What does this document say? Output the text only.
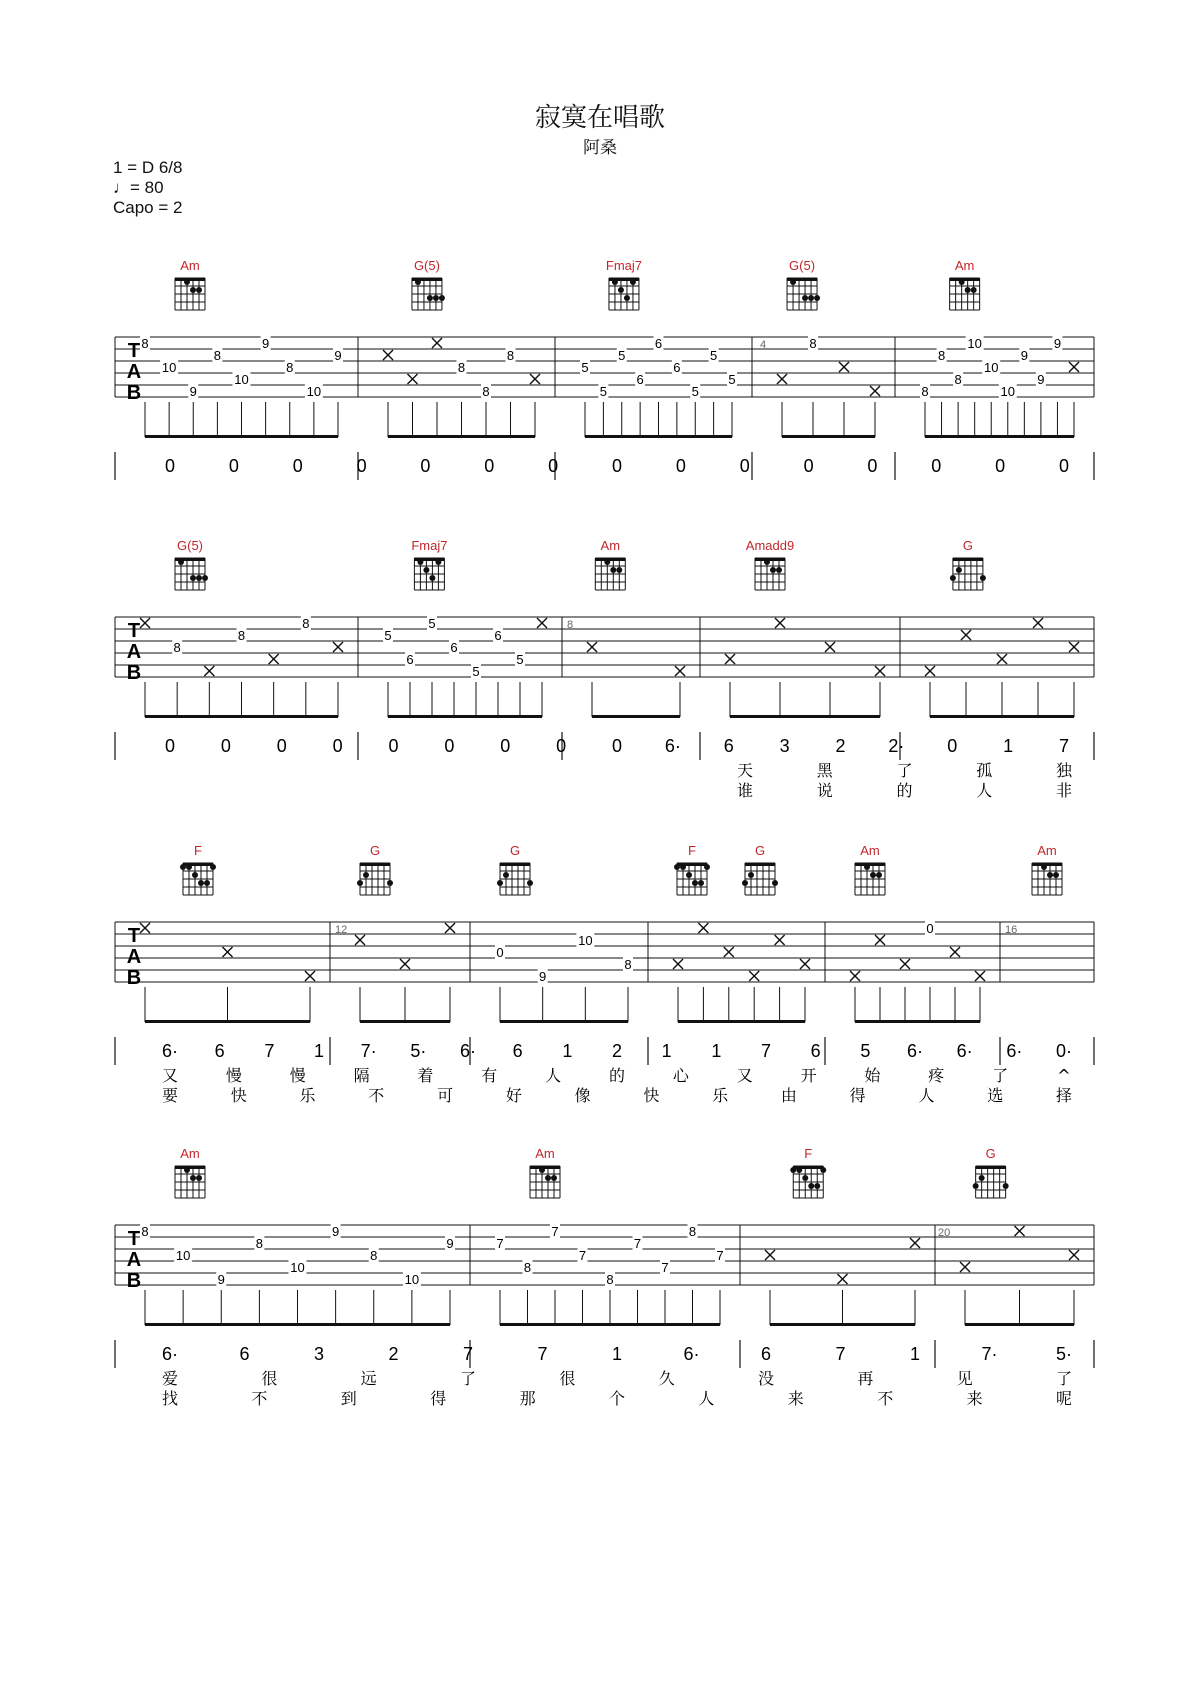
寂寞在唱歌
阿桑
1 = D 6/8
♩= 80
Capo = 2
T
A
B
Am	G(5)	Fmaj7	G(5)	Am
4
8
10
9
8
10
9
8
10
9
8
8
8
5
5
5
6
6
6
5
5
5
8
8
8
8
10
10
10
9
9
9
0	0	0	0	0	0	0	0	0	0	0	0	0	0	0
T
A
B
G(5)	Fmaj7	Am	Amadd9	G
8
8
8
8
5
6
5
6
5
6
5
0	0	0	0	0	0	0	0	0 6· 6	3	2 2· 0	1	7
天	黑	了	孤	独
谁	说	的	人	非
T
A
B
F	G	G	F	G	Am	Am
12	16
0
9
10
8
0
6· 6 7 1 7· 5· 6· 6 1 2 1 1 7 6 5 6· 6· 6· 0·
又	慢	慢	隔	着	有	人	的	心	又	开	始	疼	了	^
要	快	乐	不	可	好	像	快	乐	由	得	人	选	择
T
A
B
Am	Am	F	G
20
8
10
9
8
10
9
8
10
9	7
8
7
7
8
7
7
8
7
6·	6	3	2	7	7	1	6·	6	7	1	7·	5·
爱	很	远	了	很	久	没	再	见	了
找	不	到	得	那	个	人	来	不	来	呢
